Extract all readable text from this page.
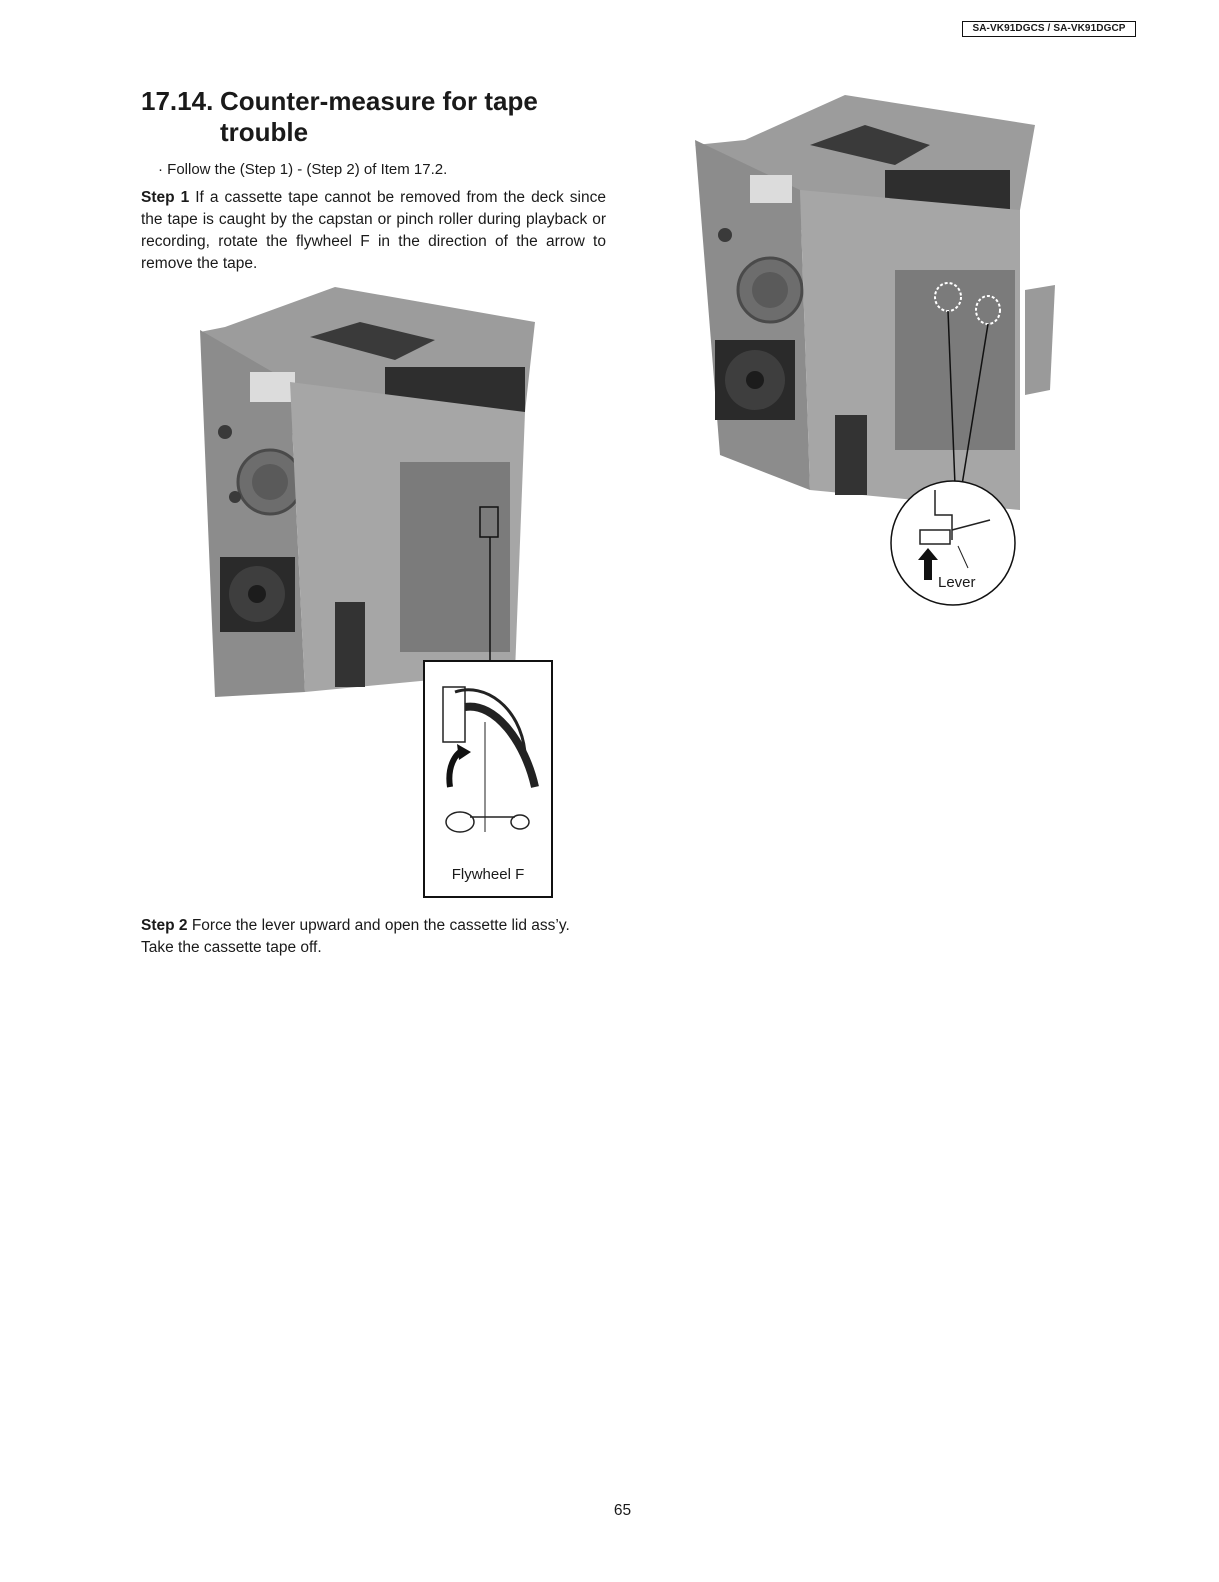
SA-VK91DGCS / SA-VK91DGCP
17.14. Counter-measure for tape
trouble
· Follow the (Step 1) - (Step 2) of Item 17.2.

Step 1 If a cassette tape cannot be removed from the deck since the tape is caught by the capstan or pinch roller during playback or recording, rotate the flywheel F in the direction of the arrow to remove the tape.

Flywheel F

Step 2 Force the lever upward and open the cassette lid ass’y.
Take the cassette tape off.

Lever
65
